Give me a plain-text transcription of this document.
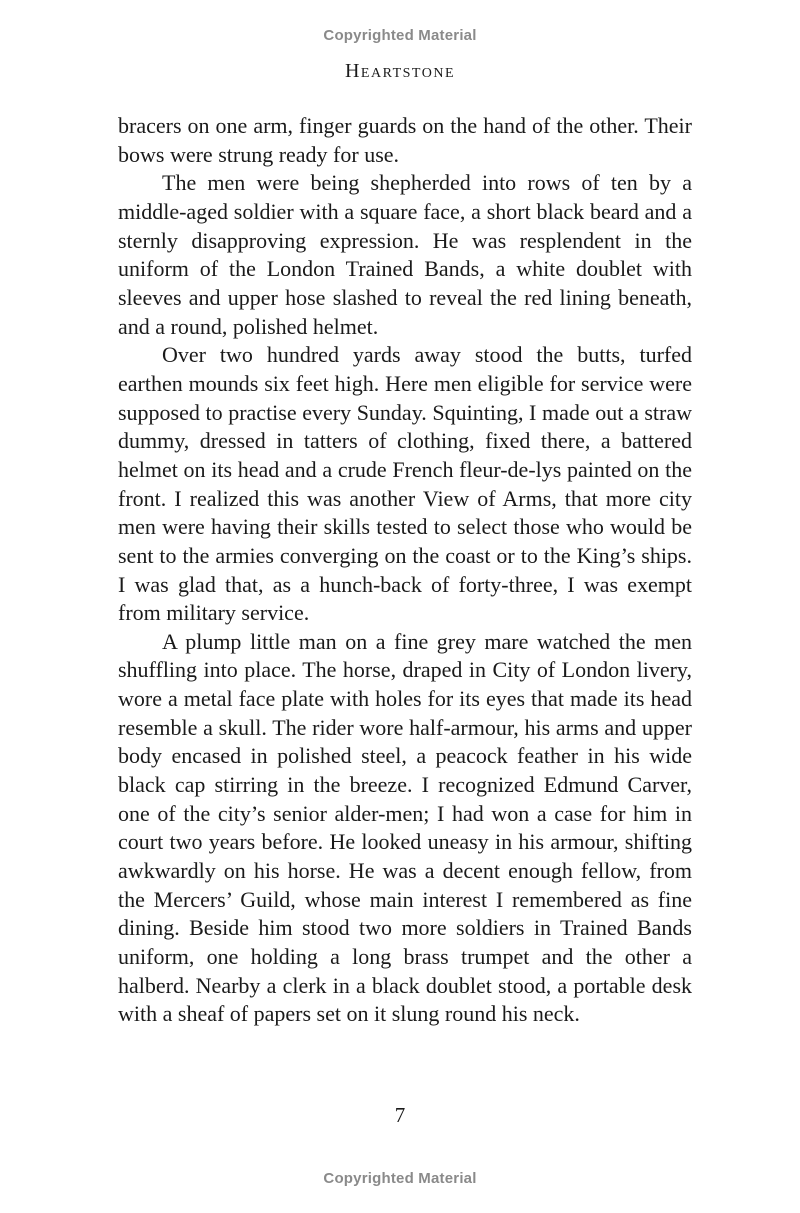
Copyrighted Material
Heartstone

bracers on one arm, finger guards on the hand of the other. Their bows were strung ready for use.

The men were being shepherded into rows of ten by a middle-aged soldier with a square face, a short black beard and a sternly disapproving expression. He was resplendent in the uniform of the London Trained Bands, a white doublet with sleeves and upper hose slashed to reveal the red lining beneath, and a round, polished helmet.

Over two hundred yards away stood the butts, turfed earthen mounds six feet high. Here men eligible for service were supposed to practise every Sunday. Squinting, I made out a straw dummy, dressed in tatters of clothing, fixed there, a battered helmet on its head and a crude French fleur-de-lys painted on the front. I realized this was another View of Arms, that more city men were having their skills tested to select those who would be sent to the armies converging on the coast or to the King’s ships. I was glad that, as a hunch-back of forty-three, I was exempt from military service.

A plump little man on a fine grey mare watched the men shuffling into place. The horse, draped in City of London livery, wore a metal face plate with holes for its eyes that made its head resemble a skull. The rider wore half-armour, his arms and upper body encased in polished steel, a peacock feather in his wide black cap stirring in the breeze. I recognized Edmund Carver, one of the city’s senior alder-men; I had won a case for him in court two years before. He looked uneasy in his armour, shifting awkwardly on his horse. He was a decent enough fellow, from the Mercers’ Guild, whose main interest I remembered as fine dining. Beside him stood two more soldiers in Trained Bands uniform, one holding a long brass trumpet and the other a halberd. Nearby a clerk in a black doublet stood, a portable desk with a sheaf of papers set on it slung round his neck.

7
Copyrighted Material
